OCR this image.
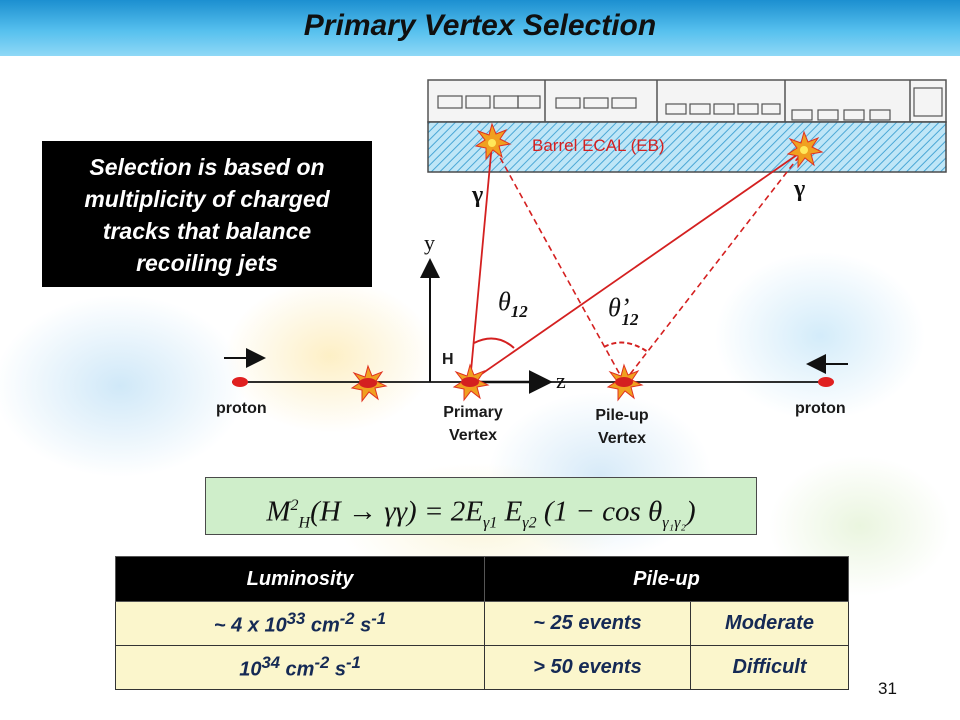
Primary Vertex Selection
Selection is based on
multiplicity of charged
tracks that balance
recoiling jets
Barrel ECAL (EB)
y
z
γ	γ
$\theta_{12}$	θ’12
H
proton	proton
Primary
Vertex
Pile-up
Vertex
$M^2_H(H \to \gamma\gamma) = 2E_{\gamma 1}$ $E_{\gamma 2}$ $(1 - \cos \theta_{\gamma_1\gamma_2})$
Luminosity	Pile-up	
~ 4 x $10^{33}$ $cm^{-2}$ $s^{-1}$	~ 25 events	Moderate
$10^{34}$ $cm^{-2}$ $s^{-1}$	> 50 events	Difficult
31
